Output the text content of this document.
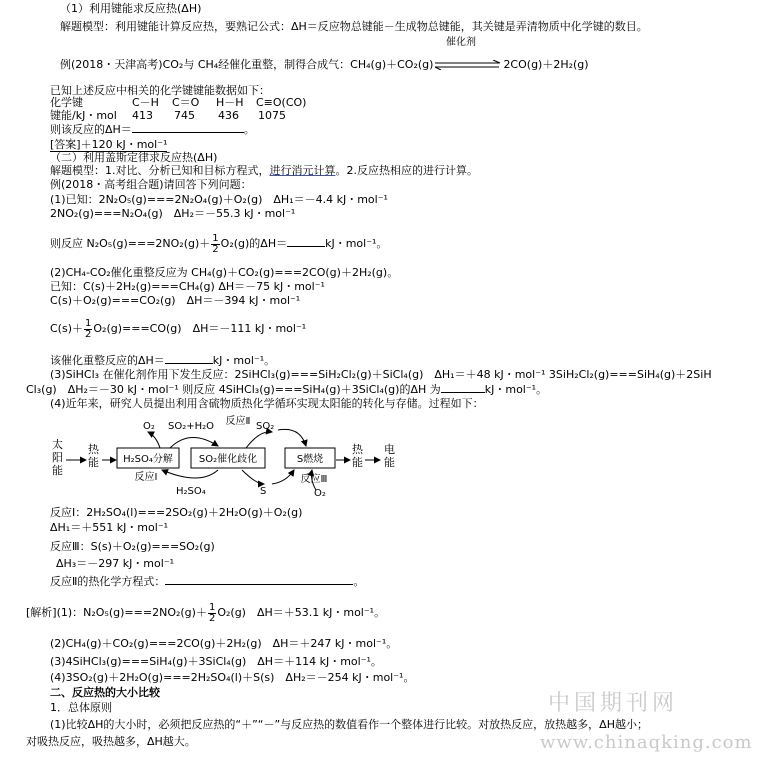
（1）利用键能求反应热(ΔH)
解题模型：利用键能计算反应热，要熟记公式：ΔH＝反应物总键能－生成物总键能，其关键是弄清物质中化学键的数目。
催化剂
例(2018・天津高考)CO₂与 CH₄经催化重整，制得合成气：CH₄(g)＋CO₂(g)	2CO(g)＋2H₂(g)
已知上述反应中相关的化学键键能数据如下：
化学键	C－H C＝O H－H C≡O(CO)
键能/kJ・mol 413 745 436 1075
则该反应的ΔH＝	。
[答案]＋120 kJ・mol⁻¹
（二）利用盖斯定律求反应热(ΔH)
解题模型：1.对比、分析已知和目标方程式，进行消元计算。2.反应热相应的进行计算。
例(2018・高考组合题)请回答下列问题：
(1)已知：2N₂O₅(g)===2N₂O₄(g)＋O₂(g)　ΔH₁＝－4.4 kJ・mol⁻¹
2NO₂(g)===N₂O₄(g)　ΔH₂＝－55.3 kJ・mol⁻¹
则反应 $N_2O_5(g)===2NO_2(g)+ \frac{1}{2} O_2(g)$的ΔH＝	kJ・mol⁻¹。
(2)CH₄-CO₂催化重整反应为 CH₄(g)＋CO₂(g)===2CO(g)＋2H₂(g)。
已知：C(s)＋2H₂(g)===CH₄(g) ΔH＝－75 kJ・mol⁻¹
C(s)＋O₂(g)===CO₂(g)　ΔH＝－394 kJ・mol⁻¹
$C(s)+ \frac{1}{2} O_2(g)===CO(g)$　ΔH＝－111 kJ・mol⁻¹
该催化重整反应的ΔH＝	kJ・mol⁻¹。
(3)SiHCl₃ 在催化剂作用下发生反应：2SiHCl₃(g)===SiH₂Cl₂(g)＋SiCl₄(g)　ΔH₁＝＋48 kJ・mol⁻¹ 3SiH₂Cl₂(g)===SiH₄(g)＋2SiH
Cl₃(g)　ΔH₂＝－30 kJ・mol⁻¹ 则反应 4SiHCl₃(g)===SiH₄(g)＋3SiCl₄(g)的ΔH 为	kJ・mol⁻¹。
(4)近年来，研究人员提出利用含硫物质热化学循环实现太阳能的转化与存储。过程如下：
太
阳
能
热
能 H₂SO₄分解
反应Ⅰ
SO₂催化歧化
反应Ⅱ
S燃烧
反应Ⅲ
O₂ SO₂+H₂O	SO₂
H₂SO₄	S	O₂
热
能
电
能
反应Ⅰ：2H₂SO₄(l)===2SO₂(g)＋2H₂O(g)＋O₂(g)
ΔH₁＝＋551 kJ・mol⁻¹
反应Ⅲ：S(s)＋O₂(g)===SO₂(g)
ΔH₃＝－297 kJ・mol⁻¹
反应Ⅱ的热化学方程式：	。
[解析](1)：$N_2O_5(g)===2NO_2(g)+ \frac{1}{2} O_2(g)$　ΔH＝＋53.1 kJ・mol⁻¹。
(2)CH₄(g)＋CO₂(g)===2CO(g)＋2H₂(g)　ΔH＝＋247 kJ・mol⁻¹。
(3)4SiHCl₃(g)===SiH₄(g)＋3SiCl₄(g)　ΔH＝＋114 kJ・mol⁻¹。
(4)3SO₂(g)＋2H₂O(g)===2H₂SO₄(l)＋S(s)　ΔH₂＝－254 kJ・mol⁻¹。
二、反应热的大小比较
1．总体原则
(1)比较ΔH的大小时，必须把反应热的“＋”“－”与反应热的数值看作一个整体进行比较。对放热反应，放热越多，ΔH越小；
对吸热反应，吸热越多，ΔH越大。
中国期刊网
www.chinaqking.com
